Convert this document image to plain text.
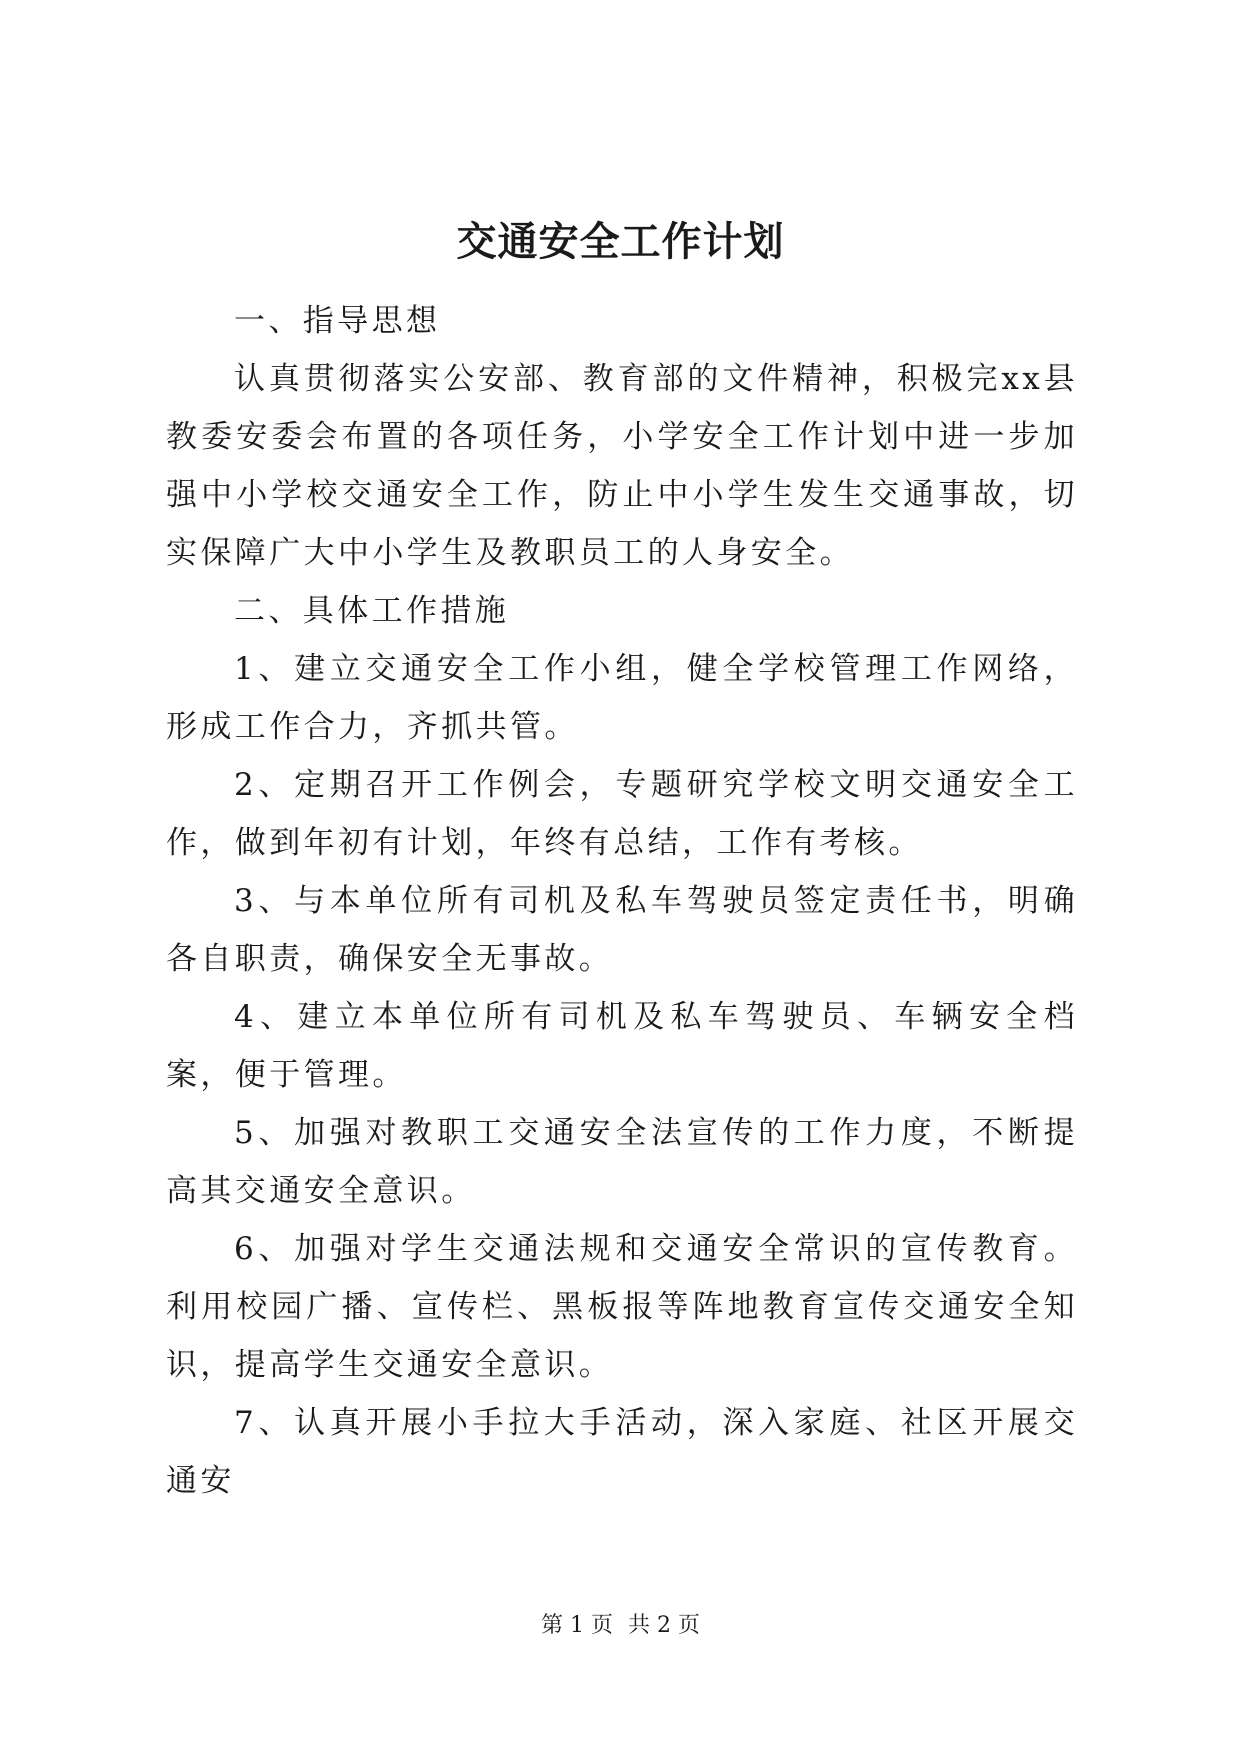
交通安全工作计划

一、指导思想

认真贯彻落实公安部、教育部的文件精神，积极完xx县教委安委会布置的各项任务，小学安全工作计划中进一步加强中小学校交通安全工作，防止中小学生发生交通事故，切实保障广大中小学生及教职员工的人身安全。

二、具体工作措施

1、建立交通安全工作小组，健全学校管理工作网络，形成工作合力，齐抓共管。

2、定期召开工作例会，专题研究学校文明交通安全工作，做到年初有计划，年终有总结，工作有考核。

3、与本单位所有司机及私车驾驶员签定责任书，明确各自职责，确保安全无事故。

4、建立本单位所有司机及私车驾驶员、车辆安全档案，便于管理。

5、加强对教职工交通安全法宣传的工作力度，不断提高其交通安全意识。

6、加强对学生交通法规和交通安全常识的宣传教育。利用校园广播、宣传栏、黑板报等阵地教育宣传交通安全知识，提高学生交通安全意识。

7、认真开展小手拉大手活动，深入家庭、社区开展交通安

第 1 页 共 2 页
